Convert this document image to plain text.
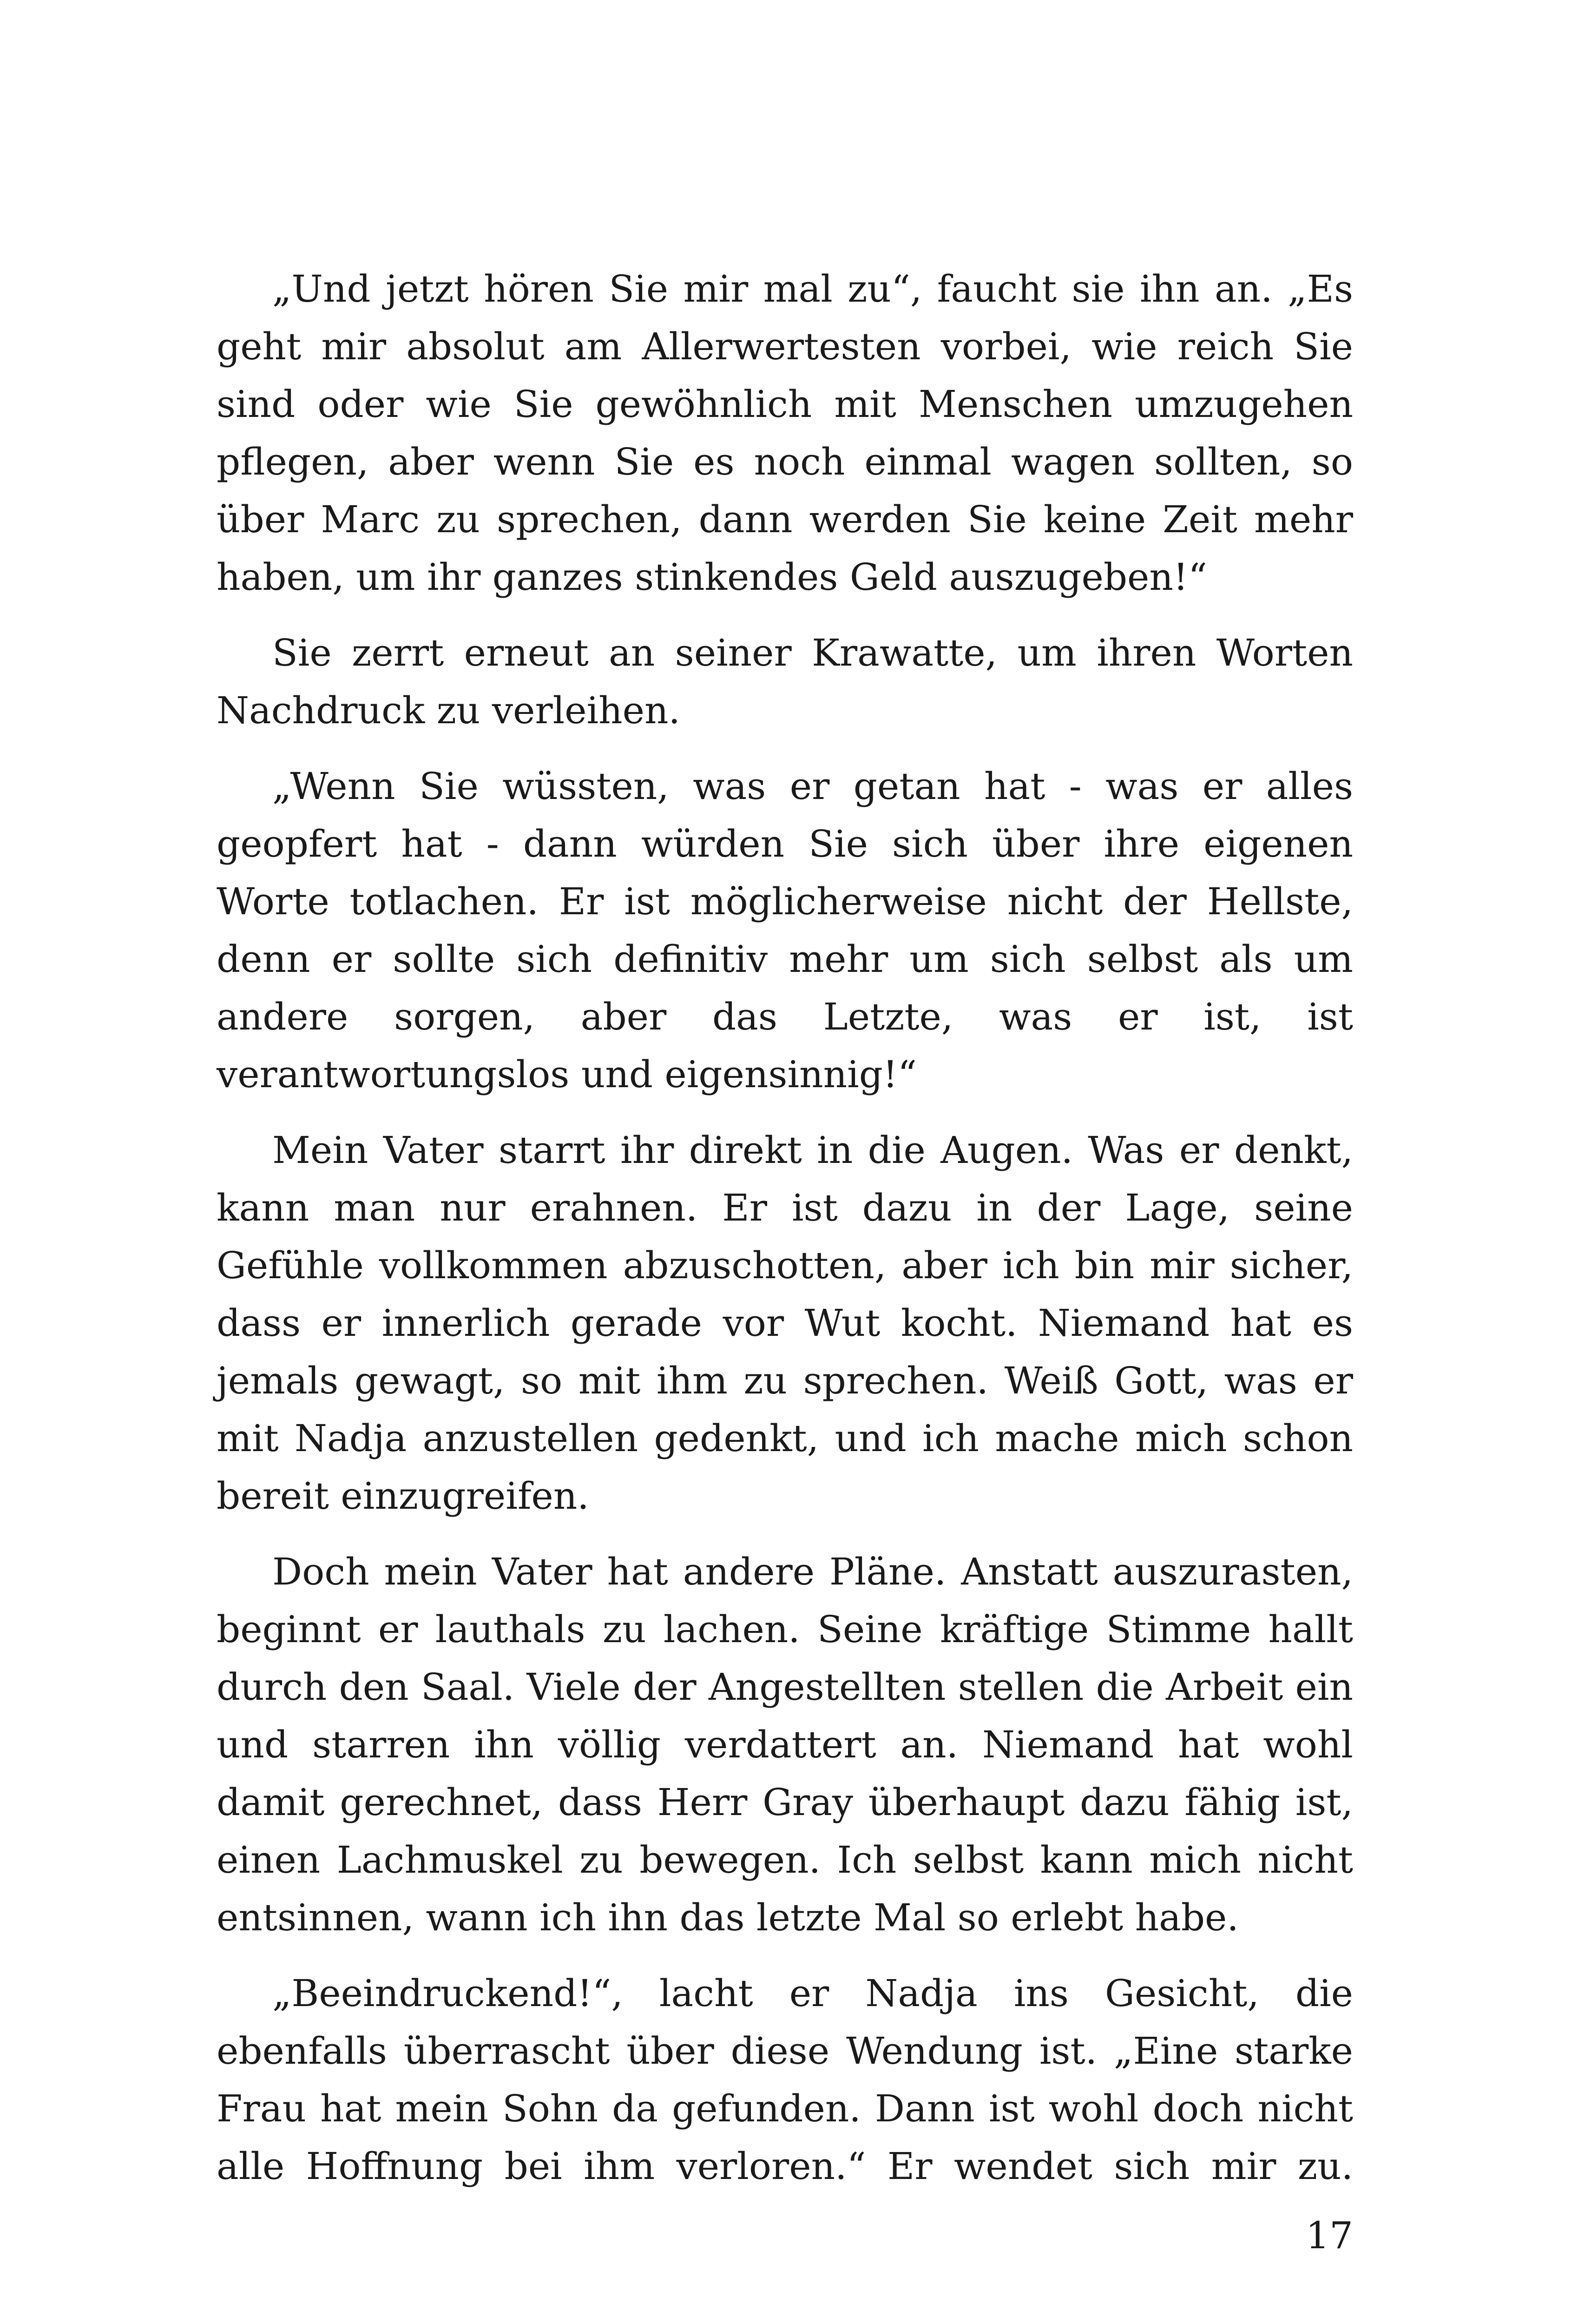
„Und jetzt hören Sie mir mal zu“, faucht sie ihn an. „Es geht mir absolut am Allerwertesten vorbei, wie reich Sie sind oder wie Sie gewöhnlich mit Menschen umzugehen pflegen, aber wenn Sie es noch einmal wagen sollten, so über Marc zu sprechen, dann werden Sie keine Zeit mehr haben, um ihr ganzes stinkendes Geld auszugeben!“

Sie zerrt erneut an seiner Krawatte, um ihren Worten Nachdruck zu verleihen.

„Wenn Sie wüssten, was er getan hat - was er alles geopfert hat - dann würden Sie sich über ihre eigenen Worte totlachen. Er ist möglicherweise nicht der Hellste, denn er sollte sich definitiv mehr um sich selbst als um andere sorgen, aber das Letzte, was er ist, ist verantwortungslos und eigensinnig!“

Mein Vater starrt ihr direkt in die Augen. Was er denkt, kann man nur erahnen. Er ist dazu in der Lage, seine Gefühle vollkommen abzuschotten, aber ich bin mir sicher, dass er innerlich gerade vor Wut kocht. Niemand hat es jemals gewagt, so mit ihm zu sprechen. Weiß Gott, was er mit Nadja anzustellen gedenkt, und ich mache mich schon bereit einzugreifen.

Doch mein Vater hat andere Pläne. Anstatt auszurasten, beginnt er lauthals zu lachen. Seine kräftige Stimme hallt durch den Saal. Viele der Angestellten stellen die Arbeit ein und starren ihn völlig verdattert an. Niemand hat wohl damit gerechnet, dass Herr Gray überhaupt dazu fähig ist, einen Lachmuskel zu bewegen. Ich selbst kann mich nicht entsinnen, wann ich ihn das letzte Mal so erlebt habe.

„Beeindruckend!“, lacht er Nadja ins Gesicht, die ebenfalls überrascht über diese Wendung ist. „Eine starke Frau hat mein Sohn da gefunden. Dann ist wohl doch nicht alle Hoffnung bei ihm verloren.“ Er wendet sich mir zu.

17
